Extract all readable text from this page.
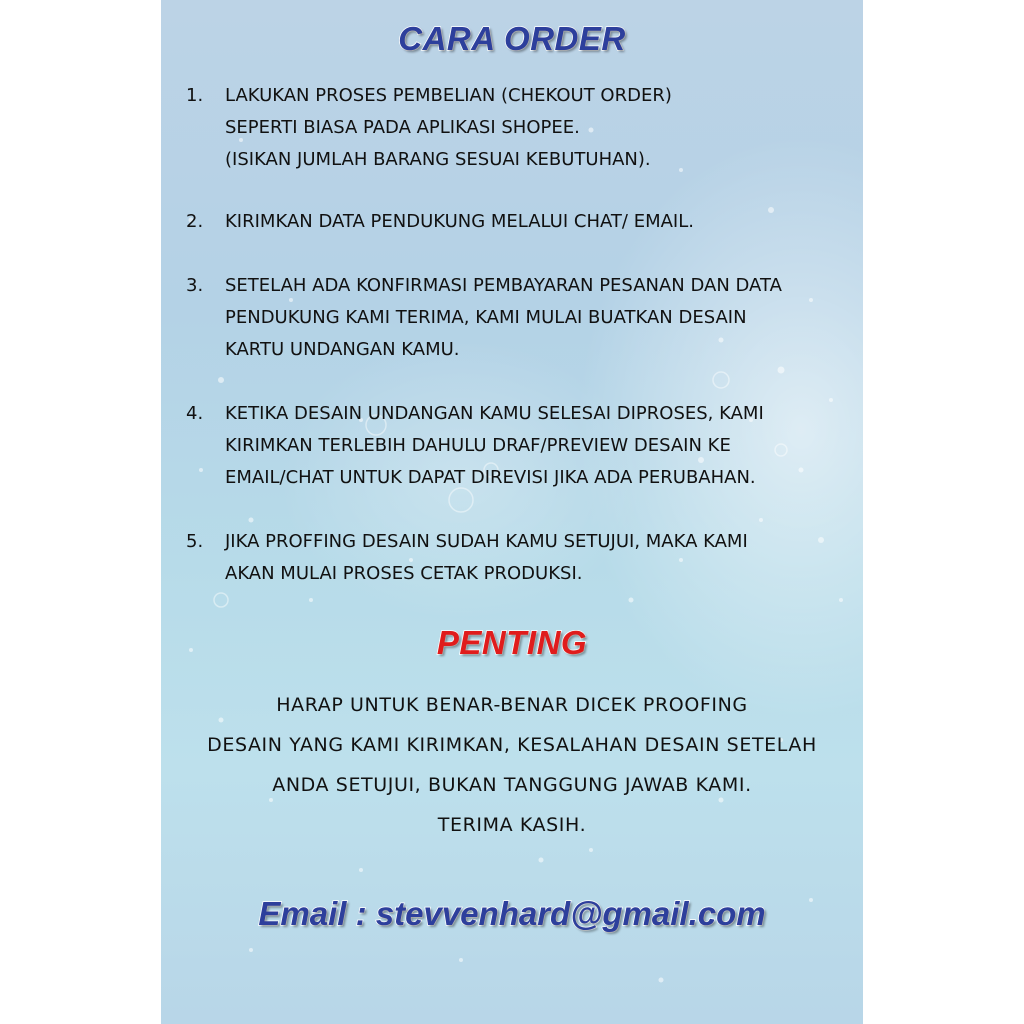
CARA ORDER
1.	LAKUKAN PROSES PEMBELIAN (CHEKOUT ORDER)
SEPERTI BIASA PADA APLIKASI SHOPEE.
(ISIKAN JUMLAH BARANG SESUAI KEBUTUHAN).
2.	KIRIMKAN DATA PENDUKUNG MELALUI CHAT/ EMAIL.
3.	SETELAH ADA KONFIRMASI PEMBAYARAN PESANAN DAN DATA
PENDUKUNG KAMI TERIMA, KAMI MULAI BUATKAN DESAIN
KARTU UNDANGAN KAMU.
4.	KETIKA DESAIN UNDANGAN KAMU SELESAI DIPROSES, KAMI
KIRIMKAN TERLEBIH DAHULU DRAF/PREVIEW DESAIN KE
EMAIL/CHAT UNTUK DAPAT DIREVISI JIKA ADA PERUBAHAN.
5.	JIKA PROFFING DESAIN SUDAH KAMU SETUJUI, MAKA KAMI
AKAN MULAI PROSES CETAK PRODUKSI.
PENTING
HARAP UNTUK BENAR-BENAR DICEK PROOFING
DESAIN YANG KAMI KIRIMKAN, KESALAHAN DESAIN SETELAH
ANDA SETUJUI, BUKAN TANGGUNG JAWAB KAMI.
TERIMA KASIH.
Email : stevvenhard@gmail.com
